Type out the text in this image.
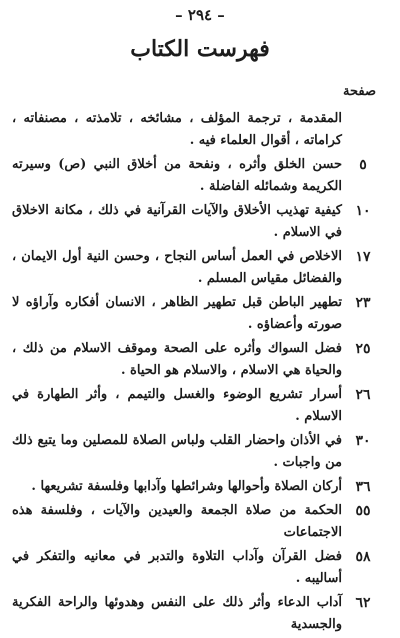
– ٢٩٤ –
فهرست الكتاب
صفحة
المقدمة ، ترجمة المؤلف ، مشائخه ، تلامذته ، مصنفاته ، كراماته ، أقوال العلماء فيه .
٥
حسن الخلق وأثره ، ونفحة من أخلاق النبي (ص) وسيرته الكريمة وشمائله الفاضلة .
١٠
كيفية تهذيب الأخلاق والآيات القرآنية في ذلك ، مكانة الاخلاق في الاسلام .
١٧
الاخلاص في العمل أساس النجاح ، وحسن النية أول الايمان ، والفضائل مقياس المسلم .
٢٣
تطهير الباطن قبل تطهير الظاهر ، الانسان أفكاره وآراؤه لا صورته وأعضاؤه .
٢٥
فضل السواك وأثره على الصحة وموقف الاسلام من ذلك ، والحياة هي الاسلام ، والاسلام هو الحياة .
٢٦
أسرار تشريع الوضوء والغسل والتيمم ، وأثر الطهارة في الاسلام .
٣٠
في الأذان واحضار القلب ولباس الصلاة للمصلين وما يتبع ذلك من واجبات .
٣٦
أركان الصلاة وأحوالها وشرائطها وآدابها وفلسفة تشريعها .
٥٥
الحكمة من صلاة الجمعة والعيدين والآيات ، وفلسفة هذه الاجتماعات
٥٨
فضل القرآن وآداب التلاوة والتدبر في معانيه والتفكر في أساليبه .
٦٢
آداب الدعاء وأثر ذلك على النفس وهدوئها والراحة الفكرية والجسدية
